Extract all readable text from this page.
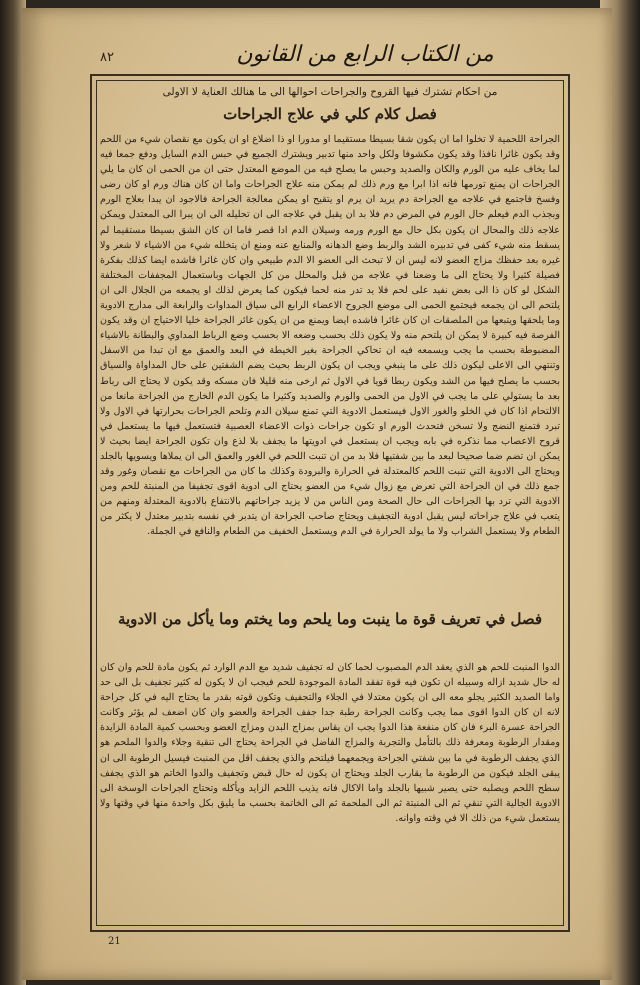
٨٢	من الكتاب الرابع من القانون
من احكام تشترك فيها القروح والجراحات احوالها الى ما هنالك العناية لا الاولى
فصل كلام كلي في علاج الجراحات
الجراحة اللحمية لا تخلوا اما ان يكون شقا بسيطا مستقيما او مدورا او ذا اضلاع او ان يكون مع نقصان شيء من اللحم وقد يكون غائرا نافذا وقد يكون مكشوفا ولكل واحد منها تدبير ويشترك الجميع في حبس الدم السايل ودفع جمعا فيه لما يخاف عليه من الورم والكان والصديد وحبس ما يصلح فيه من الموضع المعتدل حتى ان من الحمى ان كان ما يلي الجراحات ان يمنع تورمها فانه اذا ابرا مع ورم ذلك لم يمكن منه علاج الجراحات واما ان كان هناك ورم او كان رضى وفسخ فاجتمع في علاجه مع الجراحة دم يريد ان يرم او يتقيح او يمكن معالجة الجراحة فالاجود ان يبدا بعلاج الورم وبجذب الدم فيعلم حال الورم في المرض دم فلا بد ان يقبل في علاجه الى ان تحليله الى ان يبرا الى المعتدل ويمكن علاجه ذلك والمحال ان يكون بكل حال مع الورم ورمه وسيلان الدم ادا قصر فاما ان كان الشق بسيطا مستقيما لم يسقط منه شيء كفى في تدبيره الشد والربط وضع الدهانه والمنابع عنه ومنع ان يتخلله شيء من الاشياء لا شعر ولا غيره بعد حفظك مزاج العضو لانه ليس ان لا تبحث الى العضو الا الدم طبيعي وان كان غائرا فاشده ايضا كذلك بفكرة فصيلة كثيرا ولا يحتاج الى ما وضعنا في علاجه من قبل والمحلل من كل الجهات وباستعمال المجففات المختلفة الشكل لو كان ذا الى بعض نفيد على لحم فلا يد تدر منه لحما فيكون كما يعرض لذلك او يجمعه من الجلال الى ان يلتحم الى ان يجمعه فيجتمع الحمى الى موضع الجروح الاعضاء الرابع الى سياق المداوات والرابعة الى مدارج الادوية وما يلحقها ويتبعها من الملصقات ان كان غائرا فاشده ايضا ويمنع من ان يكون غائر الجراحة خليا الاحتياج ان وقد يكون الفرصة فيه كبيرة لا يمكن ان يلتحم منه ولا يكون ذلك بحسب وضعه الا بحسب وضع الرباط المداوي والبطانة بالاشياء المضبوطة بحسب ما يجب ويسمعه فيه ان تحاكي الجراحة بغير الخيطة في البعد والعمق مع ان تبدا من الاسفل وتنتهي الى الاعلى ليكون ذلك على ما ينبغي ويجب ان يكون الربط بحيث يضم الشفتين على حال المداواة والسياق بحسب ما يصلح فيها من الشد ويكون ربطا قويا في الاول ثم ارخى منه قليلا فان مسكه وقد يكون لا يحتاج الى رباط بعد ما يستولي على ما يجب في الاول من الحمى والورم والصديد وكثيرا ما يكون الدم الخارج من الجراحة مانعا من الالتحام اذا كان في الخلو والغور الاول فيستعمل الادوية التي تمنع سيلان الدم وتلحم الجراحات بحرارتها في الاول ولا تبرد فتمنع النضج ولا تسخن فتحدث الورم او تكون جراحات ذوات الاعضاء العصبية فتستعمل فيها ما يستعمل في قروح الاعصاب مما نذكره في بابه ويجب ان يستعمل في ادويتها ما يجفف بلا لذع وان تكون الجراحة ايضا بحيث لا يمكن ان تضم ضما صحيحا لبعد ما بين شفتيها فلا بد من ان تنبت اللحم في الغور والعمق الى ان يملاها ويسويها بالجلد ويحتاج الى الادوية التي تنبت اللحم كالمعتدلة في الحرارة والبرودة وكذلك ما كان من الجراحات مع نقصان وغور وقد جمع ذلك في ان الجراحة التي تعرض مع زوال شيء من العضو يحتاج الى ادوية اقوى تجفيفا من المنبتة للحم ومن الادوية التي ترد بها الجراحات الى حال الصحة ومن الناس من لا يزيد جراحاتهم بالانتفاع بالادوية المعتدلة ومنهم من يتعب في علاج جراحاته ليس يقبل ادوية التجفيف ويحتاج صاحب الجراحة ان يتدبر في نفسه بتدبير معتدل لا يكثر من الطعام ولا يستعمل الشراب ولا ما يولد الحرارة في الدم ويستعمل الخفيف من الطعام والنافع في الجملة.
فصل في تعريف قوة ما ينبت وما يلحم وما يختم وما يأكل من الادوية
الدوا المنبت للحم هو الذي يعقد الدم المصبوب لحما كان له تجفيف شديد مع الدم الوارد ثم يكون مادة للحم وان كان له حال شديد ازاله وسبيله ان تكون فيه قوة تفقد المادة الموجودة للحم فيجب ان لا يكون له كثير تجفيف بل الى حد واما الصديد الكثير يجلو معه الى ان يكون معتدلا في الجلاء والتجفيف وتكون قوته بقدر ما يحتاج اليه في كل جراحة لانه ان كان الدوا اقوى مما يجب وكانت الجراحة رطبة جدا جفف الجراحة والعضو وان كان اضعف لم يؤثر وكانت الجراحة عسرة البرء فان كان منفعة هذا الدوا يجب ان يقاس بمزاج البدن ومزاج العضو وبحسب كمية المادة الزايدة ومقدار الرطوبة ومعرفة ذلك بالتأمل والتجربة والمزاج الفاضل في الجراحة يحتاج الى تنقية وجلاء والدوا الملحم هو الذي يجفف الرطوبة في ما بين شفتي الجراحة ويجمعهما فيلتحم والذي يجفف اقل من المنبت فيسيل الرطوبة الى ان يبقى الجلد فيكون من الرطوبة ما يقارب الجلد ويحتاج ان يكون له حال قبض وتجفيف والدوا الخاتم هو الذي يجفف سطح اللحم ويصلبه حتى يصير شبيها بالجلد واما الاكال فانه يذيب اللحم الزايد ويأكله وتحتاج الجراحات الوسخة الى الادوية الجالية التي تنقي ثم الى المنبتة ثم الى الملحمة ثم الى الخاتمة بحسب ما يليق بكل واحدة منها في وقتها ولا يستعمل شيء من ذلك الا في وقته واوانه.
21
